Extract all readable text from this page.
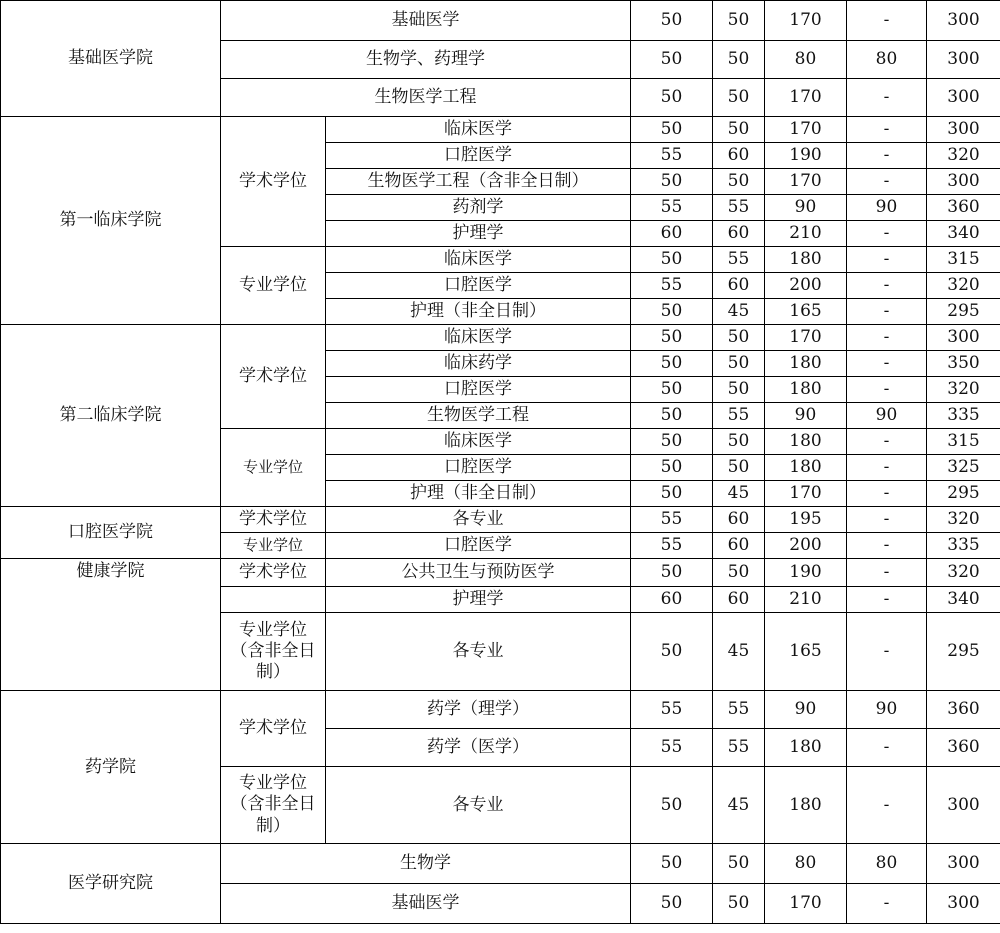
基础医学院	基础医学		50	50	170	-	300
	生物学、药理学		50	50	80	80	300
	生物医学工程		50	50	170	-	300
第一临床学院	学术学位	临床医学	50	50	170	-	300
		口腔医学	55	60	190	-	320
		生物医学工程（含非全日制）	50	50	170	-	300
		药剂学	55	55	90	90	360
		护理学	60	60	210	-	340
	专业学位	临床医学	50	55	180	-	315
		口腔医学	55	60	200	-	320
		护理（非全日制）	50	45	165	-	295
第二临床学院	学术学位	临床医学	50	50	170	-	300
		临床药学	50	50	180	-	350
		口腔医学	50	50	180	-	320
		生物医学工程	50	55	90	90	335
	专业学位	临床医学	50	50	180	-	315
		口腔医学	50	50	180	-	325
		护理（非全日制）	50	45	170	-	295
口腔医学院	学术学位	各专业	55	60	195	-	320
	专业学位	口腔医学	55	60	200	-	335
健康学院	学术学位	公共卫生与预防医学	50	50	190	-	320
		护理学	60	60	210	-	340
	专业学位（含非全日制）	各专业	50	45	165	-	295
药学院	学术学位	药学（理学）	55	55	90	90	360
		药学（医学）	55	55	180	-	360
	专业学位（含非全日制）	各专业	50	45	180	-	300
医学研究院	生物学		50	50	80	80	300
	基础医学		50	50	170	-	300
